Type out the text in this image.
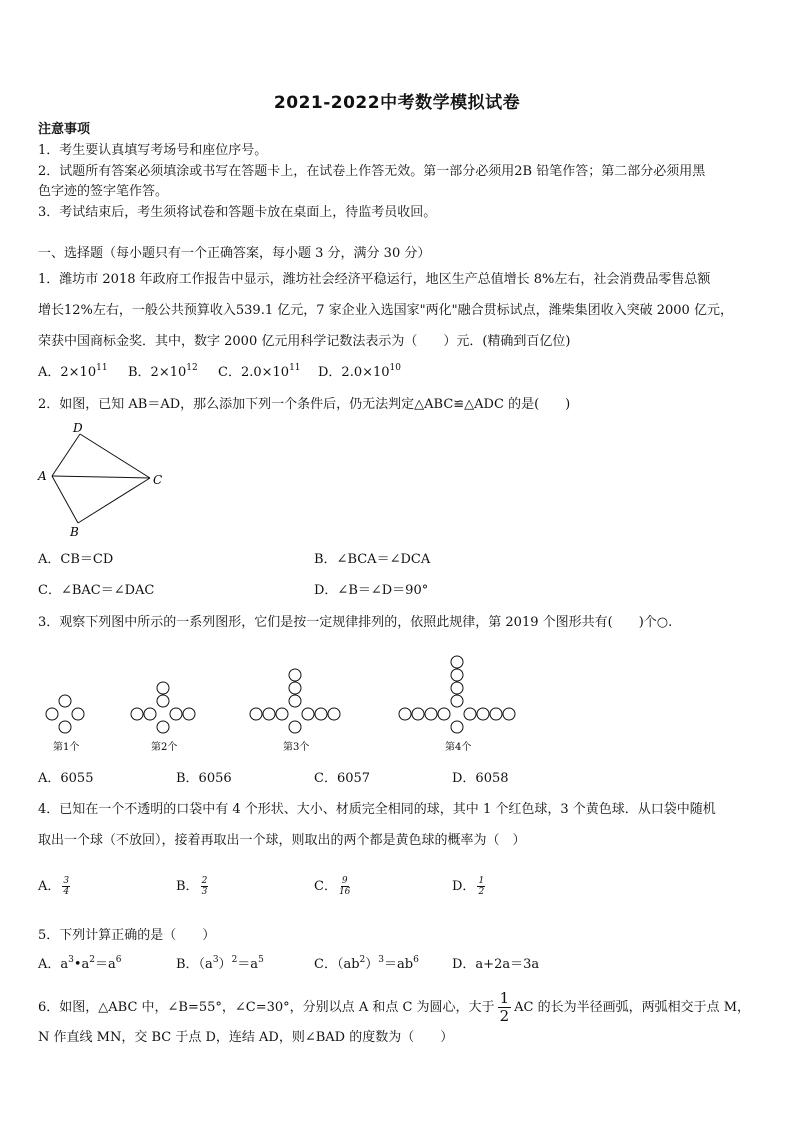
2021-2022中考数学模拟试卷
注意事项
1．考生要认真填写考场号和座位序号。
2．试题所有答案必须填涂或书写在答题卡上，在试卷上作答无效。第一部分必须用2B 铅笔作答；第二部分必须用黑
色字迹的签字笔作答。
3．考试结束后，考生须将试卷和答题卡放在桌面上，待监考员收回。
一、选择题（每小题只有一个正确答案，每小题 3 分，满分 30 分）
1．潍坊市 2018 年政府工作报告中显示，潍坊社会经济平稳运行，地区生产总值增长 8%左右，社会消费品零售总额
增长12%左右，一般公共预算收入539.1 亿元，7 家企业入选国家"两化"融合贯标试点，潍柴集团收入突破 2000 亿元，
荣获中国商标金奖．其中，数字 2000 亿元用科学记数法表示为（　　）元．(精确到百亿位)
A．$2\times 10^{11}$ B．$2\times 10^{12}$ C．$2.0\times 10^{11}$ D．$2.0\times 10^{10}$
2．如图，已知 AB＝AD，那么添加下列一个条件后，仍无法判定△ABC≌△ADC 的是(　　)
D
A	C
B
A．CB＝CD	B．∠BCA＝∠DCA
C．∠BAC＝∠DAC	D．∠B＝∠D＝90°
3．观察下列图中所示的一系列图形，它们是按一定规律排列的，依照此规律，第 2019 个图形共有(　　)个○.
第1个	第2个	第3个	第4个
A．6055	B．6056	C．6057	D．6058
4．已知在一个不透明的口袋中有 4 个形状、大小、材质完全相同的球，其中 1 个红色球，3 个黄色球．从口袋中随机
取出一个球（不放回），接着再取出一个球，则取出的两个都是黄色球的概率为（　）
A． $\frac{3}{4}$	B． $\frac{2}{3}$	C． $\frac{9}{16}$	D． $\frac{1}{2}$
5．下列计算正确的是（　　）
A．$a^3•a^2=a^6$	B．$(a^3)^2=a^5$	C．$(ab^2)^3=ab^6$	D．a+2a＝3a
6．如图，△ABC 中，∠B=55°，∠C=30°，分别以点 A 和点 C 为圆心，大于 $\frac{1}{2}$ AC 的长为半径画弧，两弧相交于点 M，
N 作直线 MN，交 BC 于点 D，连结 AD，则∠BAD 的度数为（　　）
